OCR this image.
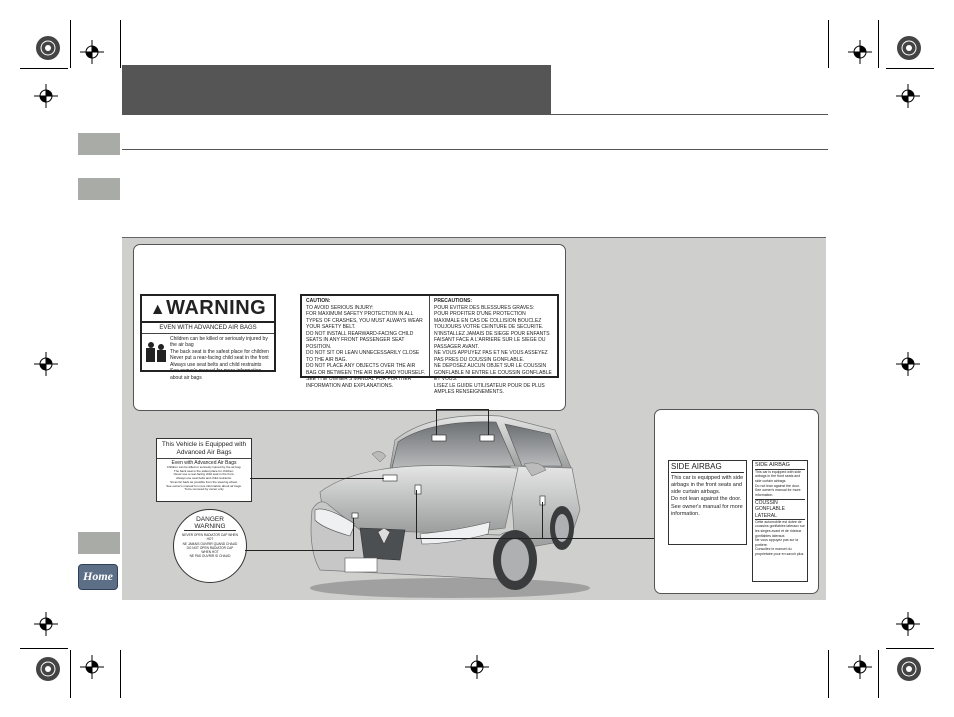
Home
▲WARNING
EVEN WITH ADVANCED AIR BAGS
Children can be killed or seriously injured by the air bag
The back seat is the safest place for children
Never put a rear-facing child seat in the front
Always use seat belts and child restraints
See owner's manual for more information about air bags
CAUTION:
TO AVOID SERIOUS INJURY:
FOR MAXIMUM SAFETY PROTECTION IN ALL TYPES OF CRASHES, YOU MUST ALWAYS WEAR YOUR SAFETY BELT.
DO NOT INSTALL REARWARD-FACING CHILD SEATS IN ANY FRONT PASSENGER SEAT POSITION.
DO NOT SIT OR LEAN UNNECESSARILY CLOSE TO THE AIR BAG.
DO NOT PLACE ANY OBJECTS OVER THE AIR BAG OR BETWEEN THE AIR BAG AND YOURSELF.
SEE THE OWNER'S MANUAL FOR FURTHER INFORMATION AND EXPLANATIONS.
PRECAUTIONS:
POUR EVITER DES BLESSURES GRAVES:
POUR PROFITER D'UNE PROTECTION MAXIMALE EN CAS DE COLLISION BOUCLEZ TOUJOURS VOTRE CEINTURE DE SECURITE.
N'INSTALLEZ JAMAIS DE SIEGE POUR ENFANTS FAISANT FACE A L'ARRIERE SUR LE SIEGE DU PASSAGER AVANT.
NE VOUS APPUYEZ PAS ET NE VOUS ASSEYEZ PAS PRES DU COUSSIN GONFLABLE.
NE DEPOSEZ AUCUN OBJET SUR LE COUSSIN GONFLABLE NI ENTRE LE COUSSIN GONFLABLE ET VOUS.
LISEZ LE GUIDE UTILISATEUR POUR DE PLUS AMPLES RENSEIGNEMENTS.
SIDE AIRBAG
This car is equipped with side airbags in the front seats and side curtain airbags.
Do not lean against the door.
See owner's manual for more information.
SIDE AIRBAG
This car is equipped with side airbags in the front seats and side curtain airbags.
Do not lean against the door.
See owner's manual for more information.
COUSSIN GONFLABLE LATERAL
Cette automobile est dotee de coussins gonflables lateraux sur les sieges avant et de rideaux gonflables lateraux.
Ne vous appuyez pas sur la portiere.
Consultez le manuel du proprietaire pour en savoir plus.
This Vehicle is Equipped with
Advanced Air Bags
Even with Advanced Air Bags
Children can be killed or seriously injured by the air bag.
The back seat is the safest place for children.
Never use a rear-facing child seat in the front.
Always use seat belts and child restraints.
Sit as far back as possible from the steering wheel.
See owner's manual for more information about air bags.
To be removed by owner only
DANGER
WARNING
NEVER OPEN RADIATOR CAP WHEN HOT
NE JAMAIS OUVRIR QUAND CHAUD
DO NOT OPEN RADIATOR CAP WHEN HOT
NE PAS OUVRIR SI CHAUD
